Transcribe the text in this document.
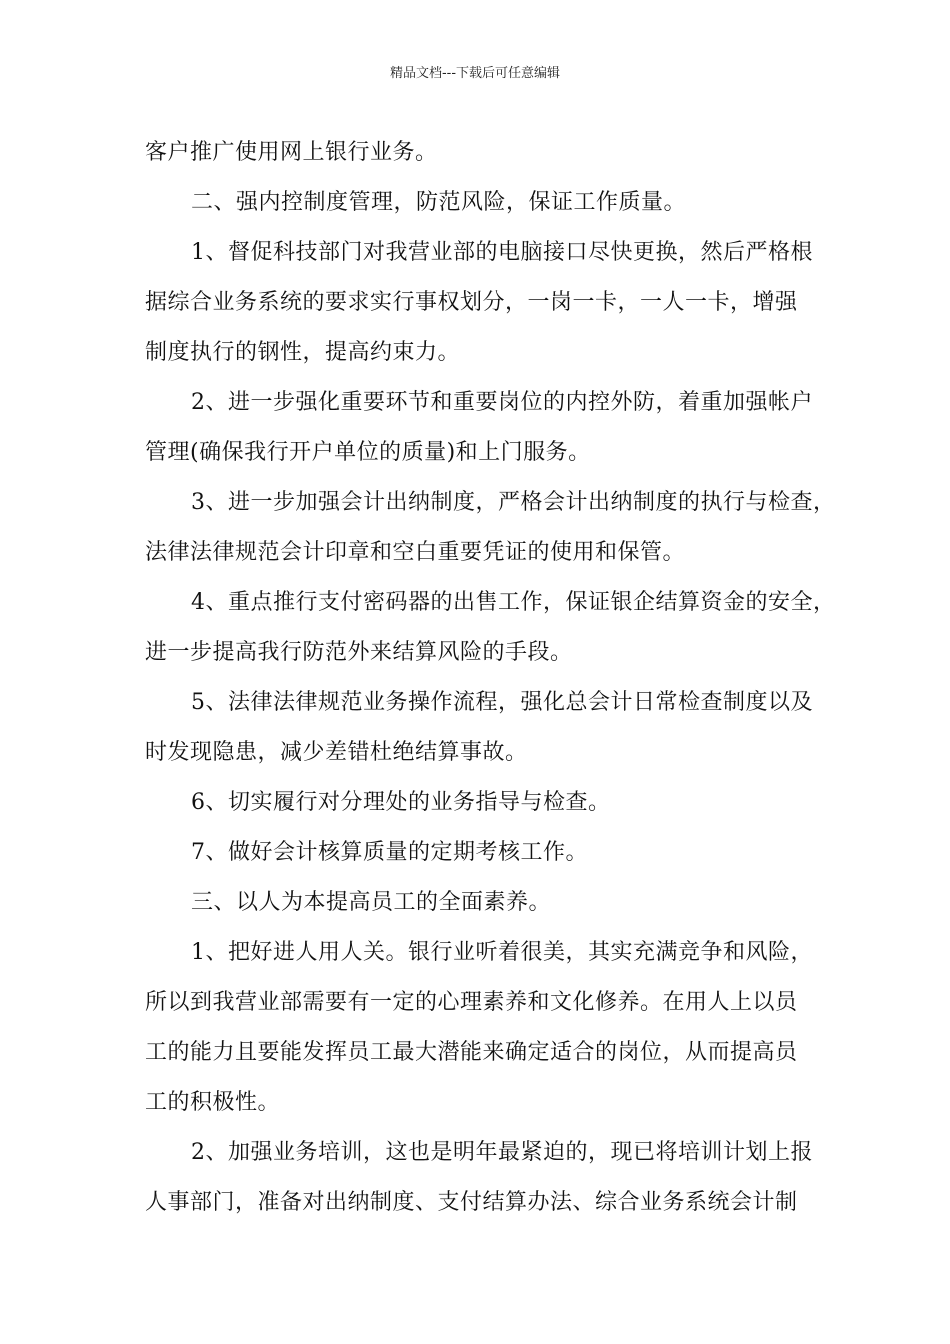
精品文档---下载后可任意编辑
客户推广使用网上银行业务。
二、强内控制度管理，防范风险，保证工作质量。
1、督促科技部门对我营业部的电脑接口尽快更换，然后严格根
据综合业务系统的要求实行事权划分，一岗一卡，一人一卡，增强
制度执行的钢性，提高约束力。
2、进一步强化重要环节和重要岗位的内控外防，着重加强帐户
管理(确保我行开户单位的质量)和上门服务。
3、进一步加强会计出纳制度，严格会计出纳制度的执行与检查，
法律法律规范会计印章和空白重要凭证的使用和保管。
4、重点推行支付密码器的出售工作，保证银企结算资金的安全，
进一步提高我行防范外来结算风险的手段。
5、法律法律规范业务操作流程，强化总会计日常检查制度以及
时发现隐患，减少差错杜绝结算事故。
6、切实履行对分理处的业务指导与检查。
7、做好会计核算质量的定期考核工作。
三、以人为本提高员工的全面素养。
1、把好进人用人关。银行业听着很美，其实充满竞争和风险，
所以到我营业部需要有一定的心理素养和文化修养。在用人上以员
工的能力且要能发挥员工最大潜能来确定适合的岗位，从而提高员
工的积极性。
2、加强业务培训，这也是明年最紧迫的，现已将培训计划上报
人事部门，准备对出纳制度、支付结算办法、综合业务系统会计制
